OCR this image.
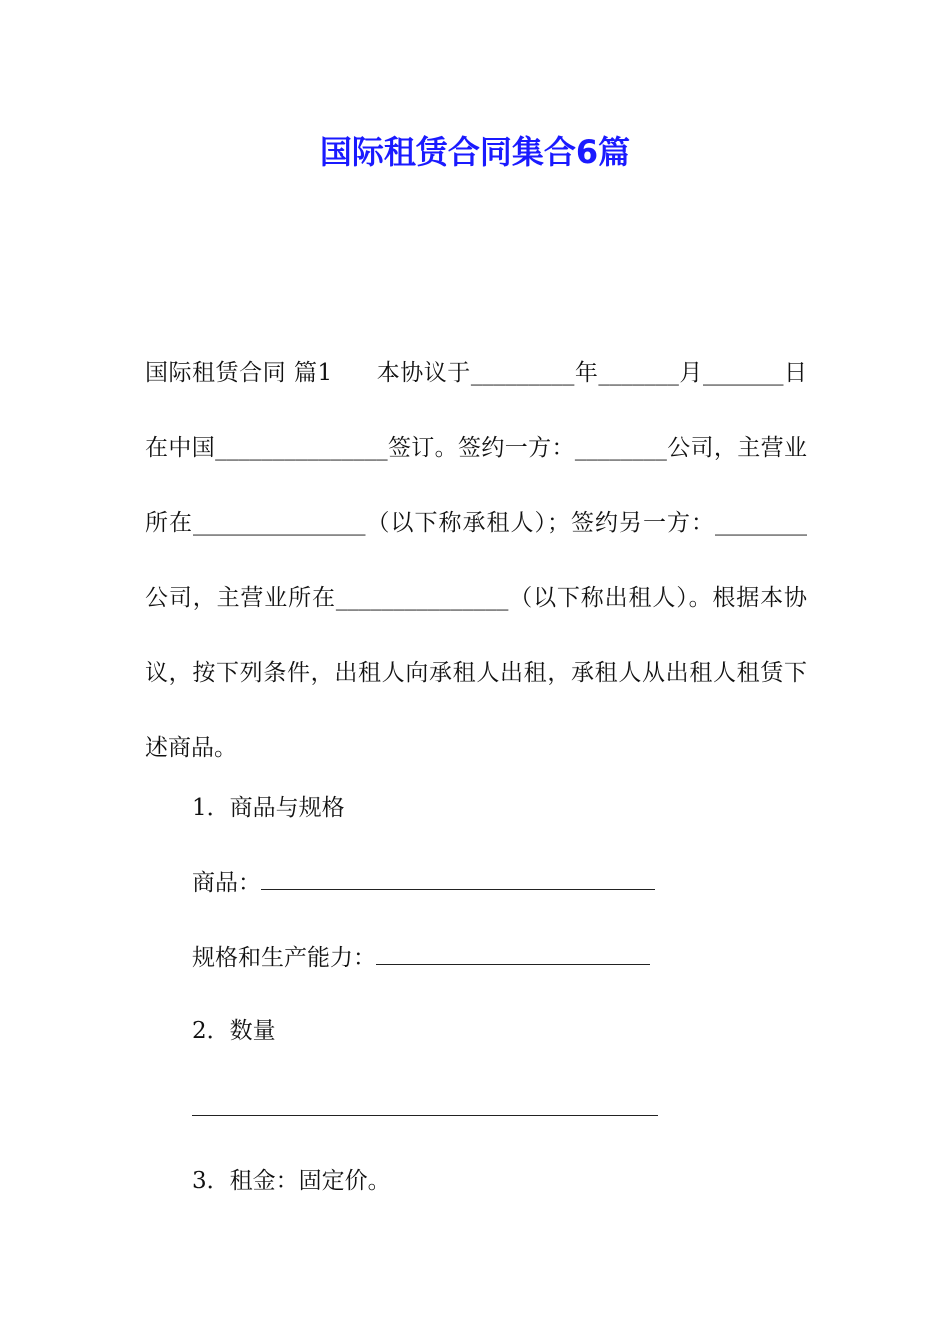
国际租赁合同集合6篇

国际租赁合同 篇1 本协议于_________年_______月_______日在中国_______________签订。签约一方：________公司，主营业所在_______________（以下称承租人）；签约另一方：________公司，主营业所在_______________（以下称出租人）。根据本协议，按下列条件，出租人向承租人出租，承租人从出租人租赁下述商品。

1．商品与规格

商品：

规格和生产能力：

2．数量

3．租金：固定价。
